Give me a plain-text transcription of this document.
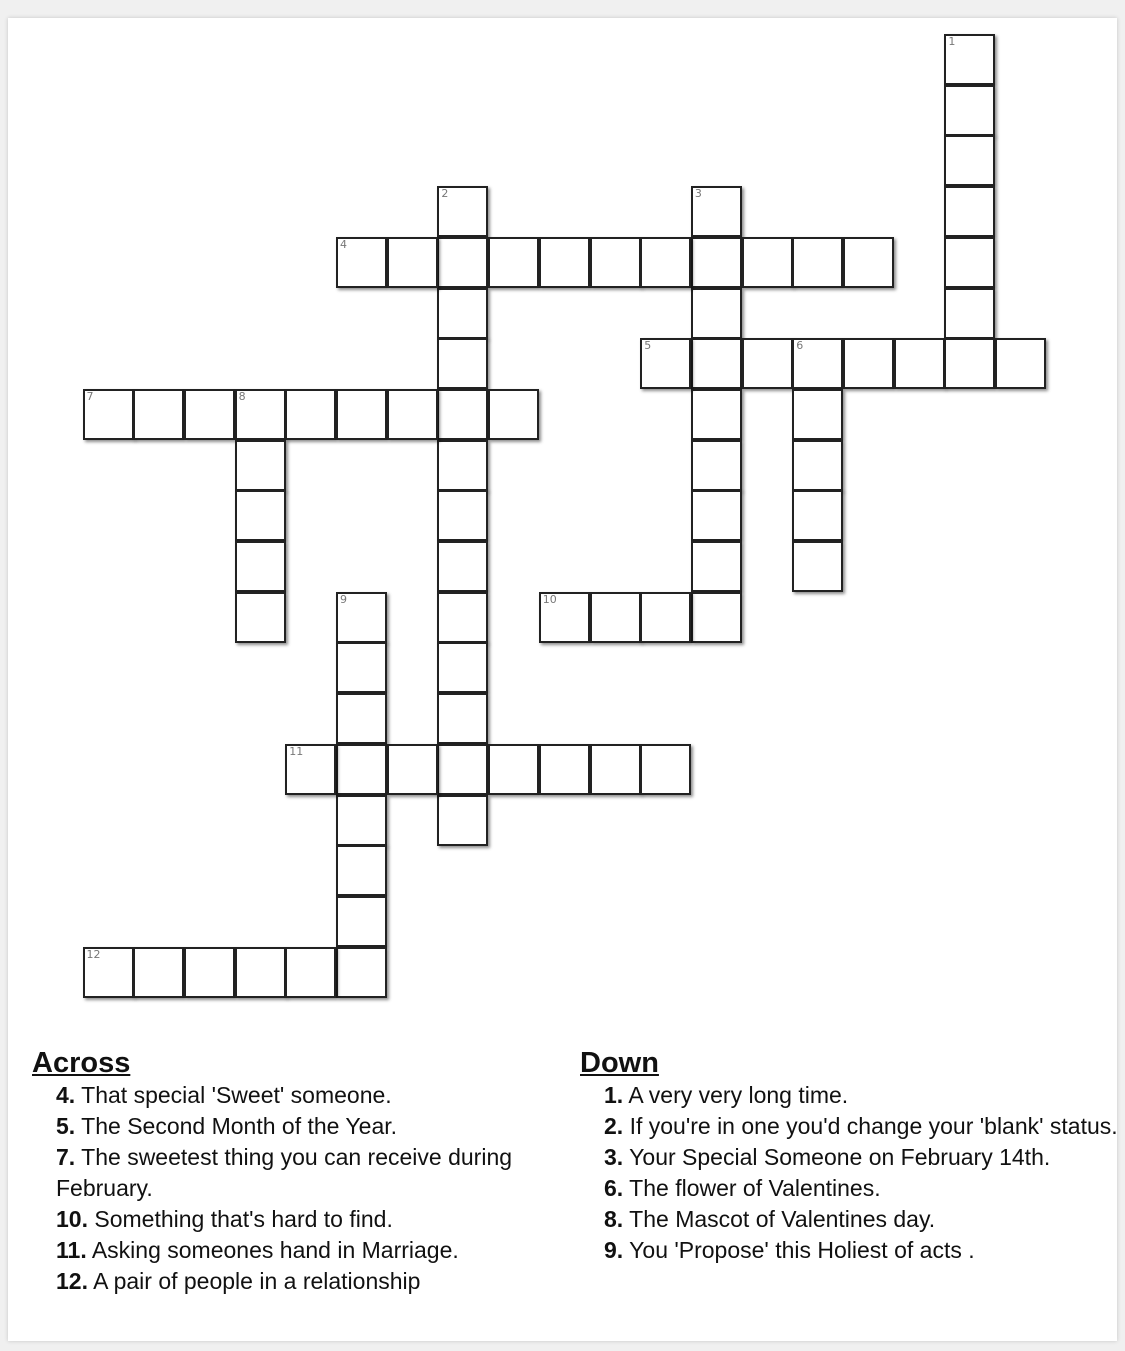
1
2	3
4
5	6
7	8
9	10
11
12
Across
4. That special 'Sweet' someone.
5. The Second Month of the Year.
7. The sweetest thing you can receive during February.
10. Something that's hard to find.
11. Asking someones hand in Marriage.
12. A pair of people in a relationship
Down
1. A very very long time.
2. If you're in one you'd change your 'blank' status.
3. Your Special Someone on February 14th.
6. The flower of Valentines.
8. The Mascot of Valentines day.
9. You 'Propose' this Holiest of acts .
